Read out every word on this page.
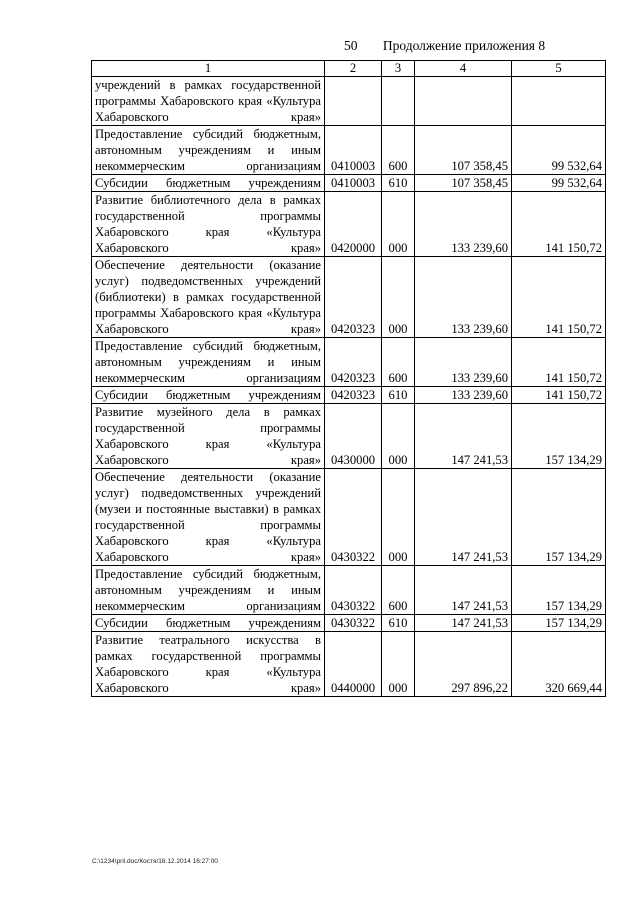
50 Продолжение приложения 8
1	2	3	4	5
учреждений в рамках государственной программы Хабаровского края «Культура Хабаровского края»				
Предоставление субсидий бюджетным, автономным учреждениям и иным некоммерческим организациям	0410003	600	107 358,45	99 532,64
Субсидии бюджетным учреждениям	0410003	610	107 358,45	99 532,64
Развитие библиотечного дела в рамках государственной программы Хабаровского края «Культура Хабаровского края»	0420000	000	133 239,60	141 150,72
Обеспечение деятельности (оказание услуг) подведомственных учреждений (библиотеки) в рамках государственной программы Хабаровского края «Культура Хабаровского края»	0420323	000	133 239,60	141 150,72
Предоставление субсидий бюджетным, автономным учреждениям и иным некоммерческим организациям	0420323	600	133 239,60	141 150,72
Субсидии бюджетным учреждениям	0420323	610	133 239,60	141 150,72
Развитие музейного дела в рамках государственной программы Хабаровского края «Культура Хабаровского края»	0430000	000	147 241,53	157 134,29
Обеспечение деятельности (оказание услуг) подведомственных учреждений (музеи и постоянные выставки) в рамках государственной программы Хабаровского края «Культура Хабаровского края»	0430322	000	147 241,53	157 134,29
Предоставление субсидий бюджетным, автономным учреждениям и иным некоммерческим организациям	0430322	600	147 241,53	157 134,29
Субсидии бюджетным учреждениям	0430322	610	147 241,53	157 134,29
Развитие театрального искусства в рамках государственной программы Хабаровского края «Культура Хабаровского края»	0440000	000	297 896,22	320 669,44
C:\1234\pril.doc/Костя/16.12.2014 16:27:00
